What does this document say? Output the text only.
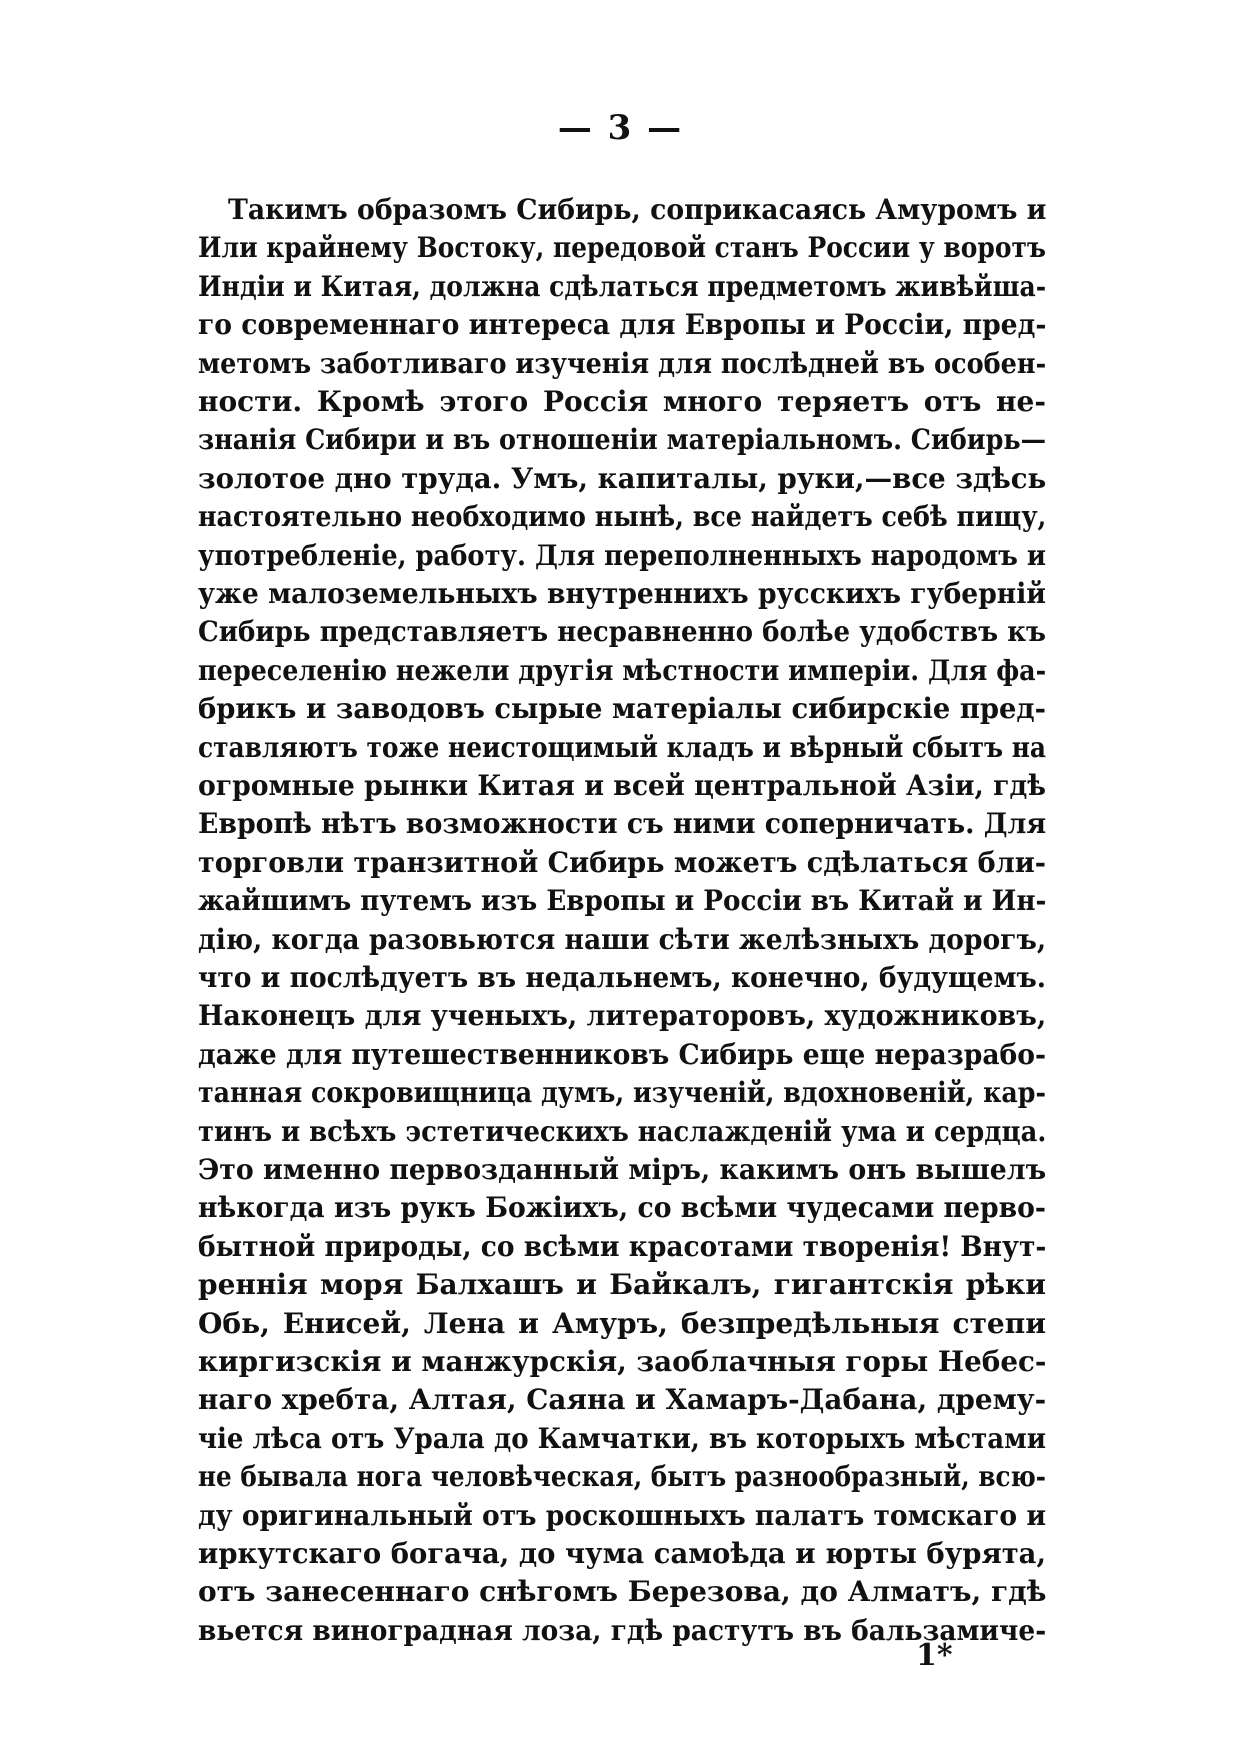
— 3 —
Такимъ образомъ Сибирь, соприкасаясь Амуромъ и
Или крайнему Востоку, передовой станъ России у воротъ
Индіи и Китая, должна сдѣлаться предметомъ живѣйша-
го современнаго интереса для Европы и Россіи, пред-
метомъ заботливаго изученія для послѣдней въ особен-
ности. Кромѣ этого Россія много теряетъ отъ не-
знанія Сибири и въ отношеніи матеріальномъ. Сибирь—
золотое дно труда. Умъ, капиталы, руки,—все здѣсь
настоятельно необходимо нынѣ, все найдетъ себѣ пищу,
употребленіе, работу. Для переполненныхъ народомъ и
уже малоземельныхъ внутреннихъ русскихъ губерній
Сибирь представляетъ несравненно болѣе удобствъ къ
переселенію нежели другія мѣстности имперіи. Для фа-
брикъ и заводовъ сырые матеріалы сибирскіе пред-
ставляютъ тоже неистощимый кладъ и вѣрный сбытъ на
огромные рынки Китая и всей центральной Азіи, гдѣ
Европѣ нѣтъ возможности съ ними соперничать. Для
торговли транзитной Сибирь можетъ сдѣлаться бли-
жайшимъ путемъ изъ Европы и Россіи въ Китай и Ин-
дію, когда разовьются наши сѣти желѣзныхъ дорогъ,
что и послѣдуетъ въ недальнемъ, конечно, будущемъ.
Наконецъ для ученыхъ, литераторовъ, художниковъ,
даже для путешественниковъ Сибирь еще неразрабо-
танная сокровищница думъ, изученій, вдохновеній, кар-
тинъ и всѣхъ эстетическихъ наслажденій ума и сердца.
Это именно первозданный міръ, какимъ онъ вышелъ
нѣкогда изъ рукъ Божіихъ, со всѣми чудесами перво-
бытной природы, со всѣми красотами творенія! Внут-
реннія моря Балхашъ и Байкалъ, гигантскія рѣки
Обь, Енисей, Лена и Амуръ, безпредѣльныя степи
киргизскія и манжурскія, заоблачныя горы Небес-
наго хребта, Алтая, Саяна и Хамаръ-Дабана, дрему-
чіе лѣса отъ Урала до Камчатки, въ которыхъ мѣстами
не бывала нога человѣческая, бытъ разнообразный, всю-
ду оригинальный отъ роскошныхъ палатъ томскаго и
иркутскаго богача, до чума самоѣда и юрты бурята,
отъ занесеннаго снѣгомъ Березова, до Алматъ, гдѣ
вьется виноградная лоза, гдѣ растутъ въ бальзамиче-
1*
